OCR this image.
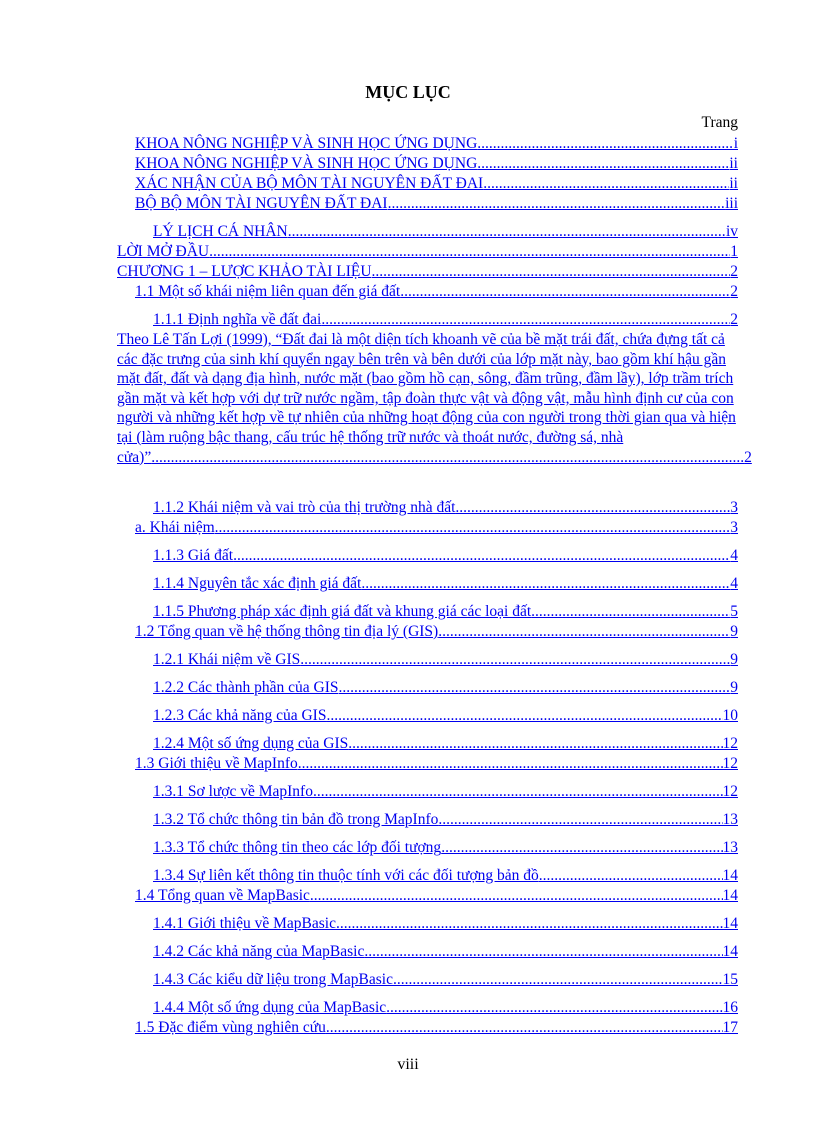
MỤC LỤC
Trang
KHOA NÔNG NGHIỆP VÀ SINH HỌC ỨNG DỤNG .....	i
KHOA NÔNG NGHIỆP VÀ SINH HỌC ỨNG DỤNG .....	ii
XÁC NHẬN CỦA BỘ MÔN TÀI NGUYÊN ĐẤT ĐAI .....	ii
BỘ BỘ MÔN TÀI NGUYÊN ĐẤT ĐAI .....	iii
LÝ LỊCH CÁ NHÂN .....	iv
LỜI MỞ ĐẦU .....	1
CHƯƠNG 1 – LƯỢC KHẢO TÀI LIỆU .....	2
1.1 Một số khái niệm liên quan đến giá đất .....	2
1.1.1 Định nghĩa về đất đai .....	2
Theo Lê Tấn Lợi (1999), “Đất đai là một diện tích khoanh vẽ của bề mặt trái đất, chứa đựng tất cả các đặc trưng của sinh khí quyển ngay bên trên và bên dưới của lớp mặt này, bao gồm khí hậu gần mặt đất, đất và dạng địa hình, nước mặt (bao gồm hồ cạn, sông, đầm trũng, đầm lầy), lớp trầm trích gần mặt và kết hợp với dự trữ nước ngầm, tập đoàn thực vật và động vật, mẫu hình định cư của con người và những kết hợp về tự nhiên của những hoạt động của con người trong thời gian qua và hiện tại (làm ruộng bậc thang, cấu trúc hệ thống trữ nước và thoát nước, đường sá, nhà cửa)”.........................................................................................................................................................2
1.1.2 Khái niệm và vai trò của thị trường nhà đất .....	3
a. Khái niệm .....	3
1.1.3 Giá đất .....	4
1.1.4 Nguyên tắc xác định giá đất .....	4
1.1.5 Phương pháp xác định giá đất và khung giá các loại đất .....	5
1.2 Tổng quan về hệ thống thông tin địa lý (GIS) .....	9
1.2.1 Khái niệm về GIS .....	9
1.2.2 Các thành phần của GIS .....	9
1.2.3 Các khả năng của GIS .....	10
1.2.4 Một số ứng dụng của GIS .....	12
1.3 Giới thiệu về MapInfo .....	12
1.3.1 Sơ lược về MapInfo .....	12
1.3.2 Tổ chức thông tin bản đồ trong MapInfo .....	13
1.3.3 Tổ chức thông tin theo các lớp đối tượng .....	13
1.3.4 Sự liên kết thông tin thuộc tính với các đối tượng bản đồ .....	14
1.4 Tổng quan về MapBasic .....	14
1.4.1 Giới thiệu về MapBasic .....	14
1.4.2 Các khả năng của MapBasic .....	14
1.4.3 Các kiểu dữ liệu trong MapBasic .....	15
1.4.4 Một số ứng dụng của MapBasic .....	16
1.5 Đặc điểm vùng nghiên cứu .....	17
viii
